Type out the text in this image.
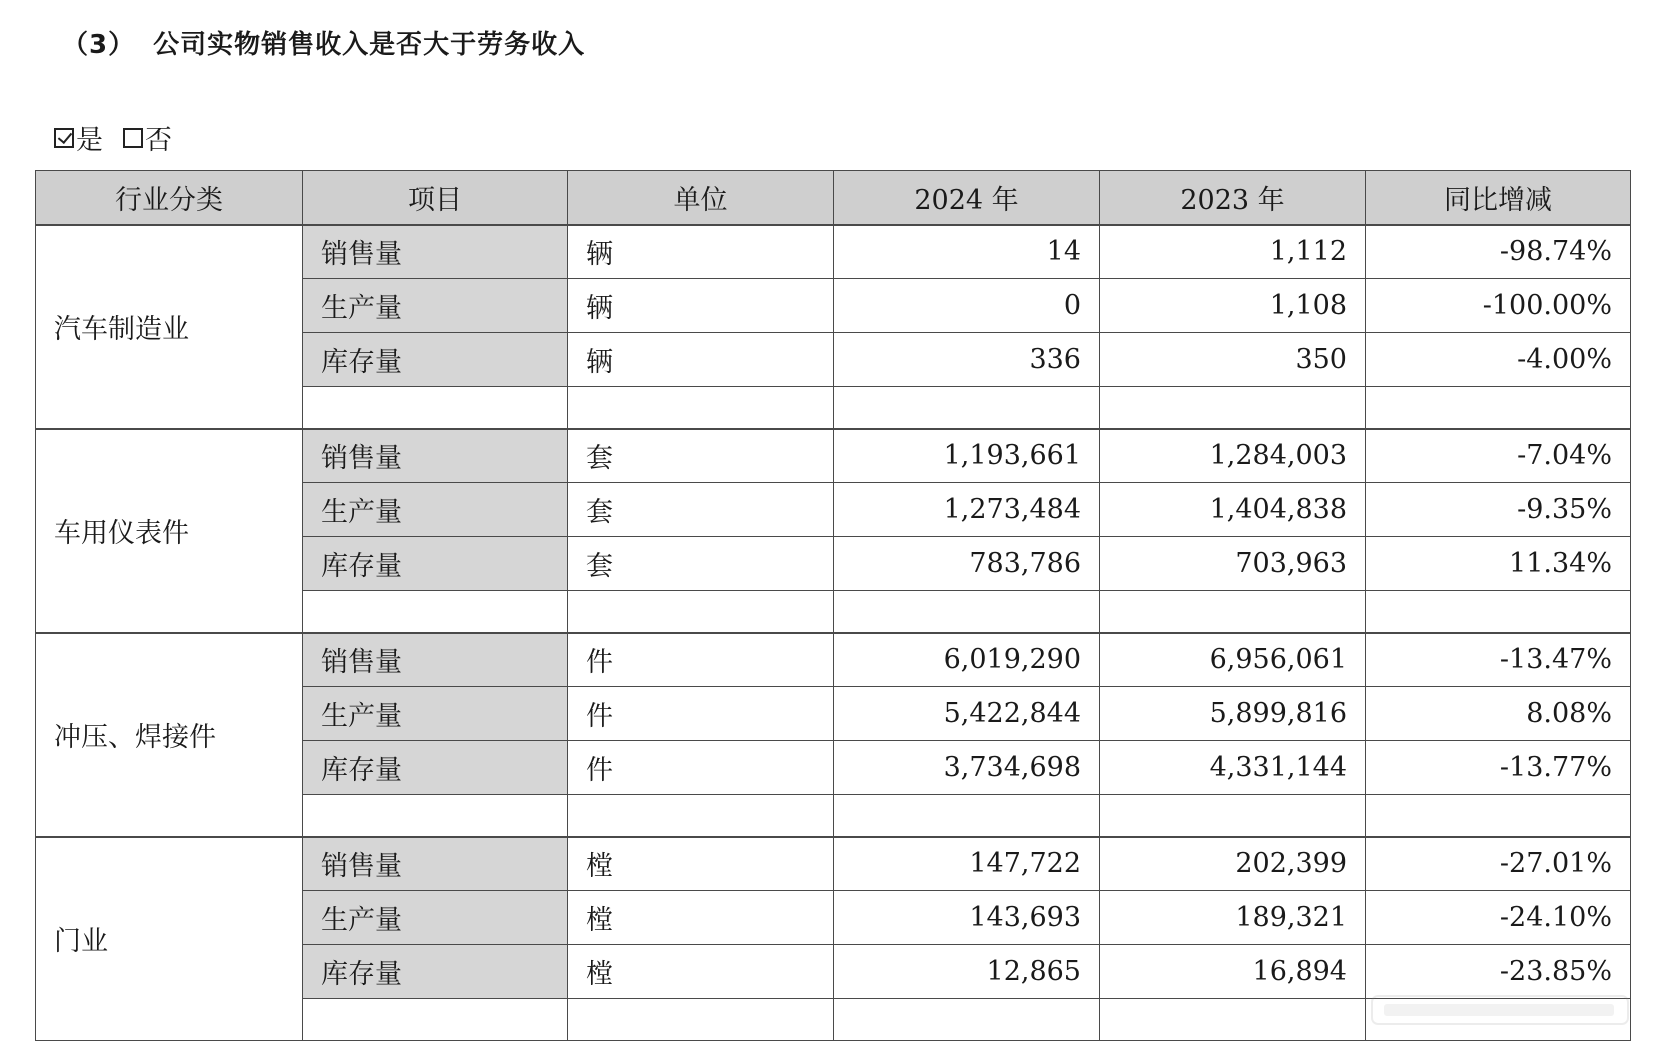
（3） 公司实物销售收入是否大于劳务收入
是 否
行业分类	项目	单位	2024 年	2023 年	同比增减
汽车制造业	销售量	辆	14	1,112	-98.74%
	生产量	辆	0	1,108	-100.00%
	库存量	辆	336	350	-4.00%

车用仪表件	销售量	套	1,193,661	1,284,003	-7.04%
	生产量	套	1,273,484	1,404,838	-9.35%
	库存量	套	783,786	703,963	11.34%

冲压、焊接件	销售量	件	6,019,290	6,956,061	-13.47%
	生产量	件	5,422,844	5,899,816	8.08%
	库存量	件	3,734,698	4,331,144	-13.77%

门业	销售量	樘	147,722	202,399	-27.01%
	生产量	樘	143,693	189,321	-24.10%
	库存量	樘	12,865	16,894	-23.85%
